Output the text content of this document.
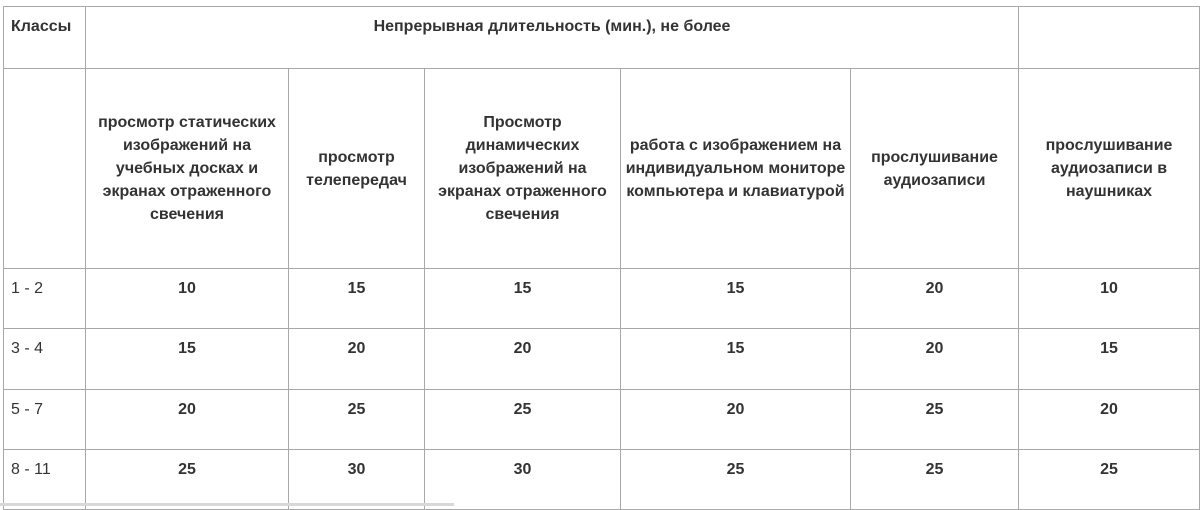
Классы	Непрерывная длительность (мин.), не более					
	просмотр статических изображений на учебных досках и экранах отраженного свечения	просмотр телепередач	Просмотр динамических изображений на экранах отраженного свечения	работа с изображением на индивидуальном мониторе компьютера и клавиатурой	прослушивание аудиозаписи	прослушивание аудиозаписи в наушниках
1 - 2	10	15	15	15	20	10
3 - 4	15	20	20	15	20	15
5 - 7	20	25	25	20	25	20
8 - 11	25	30	30	25	25	25
